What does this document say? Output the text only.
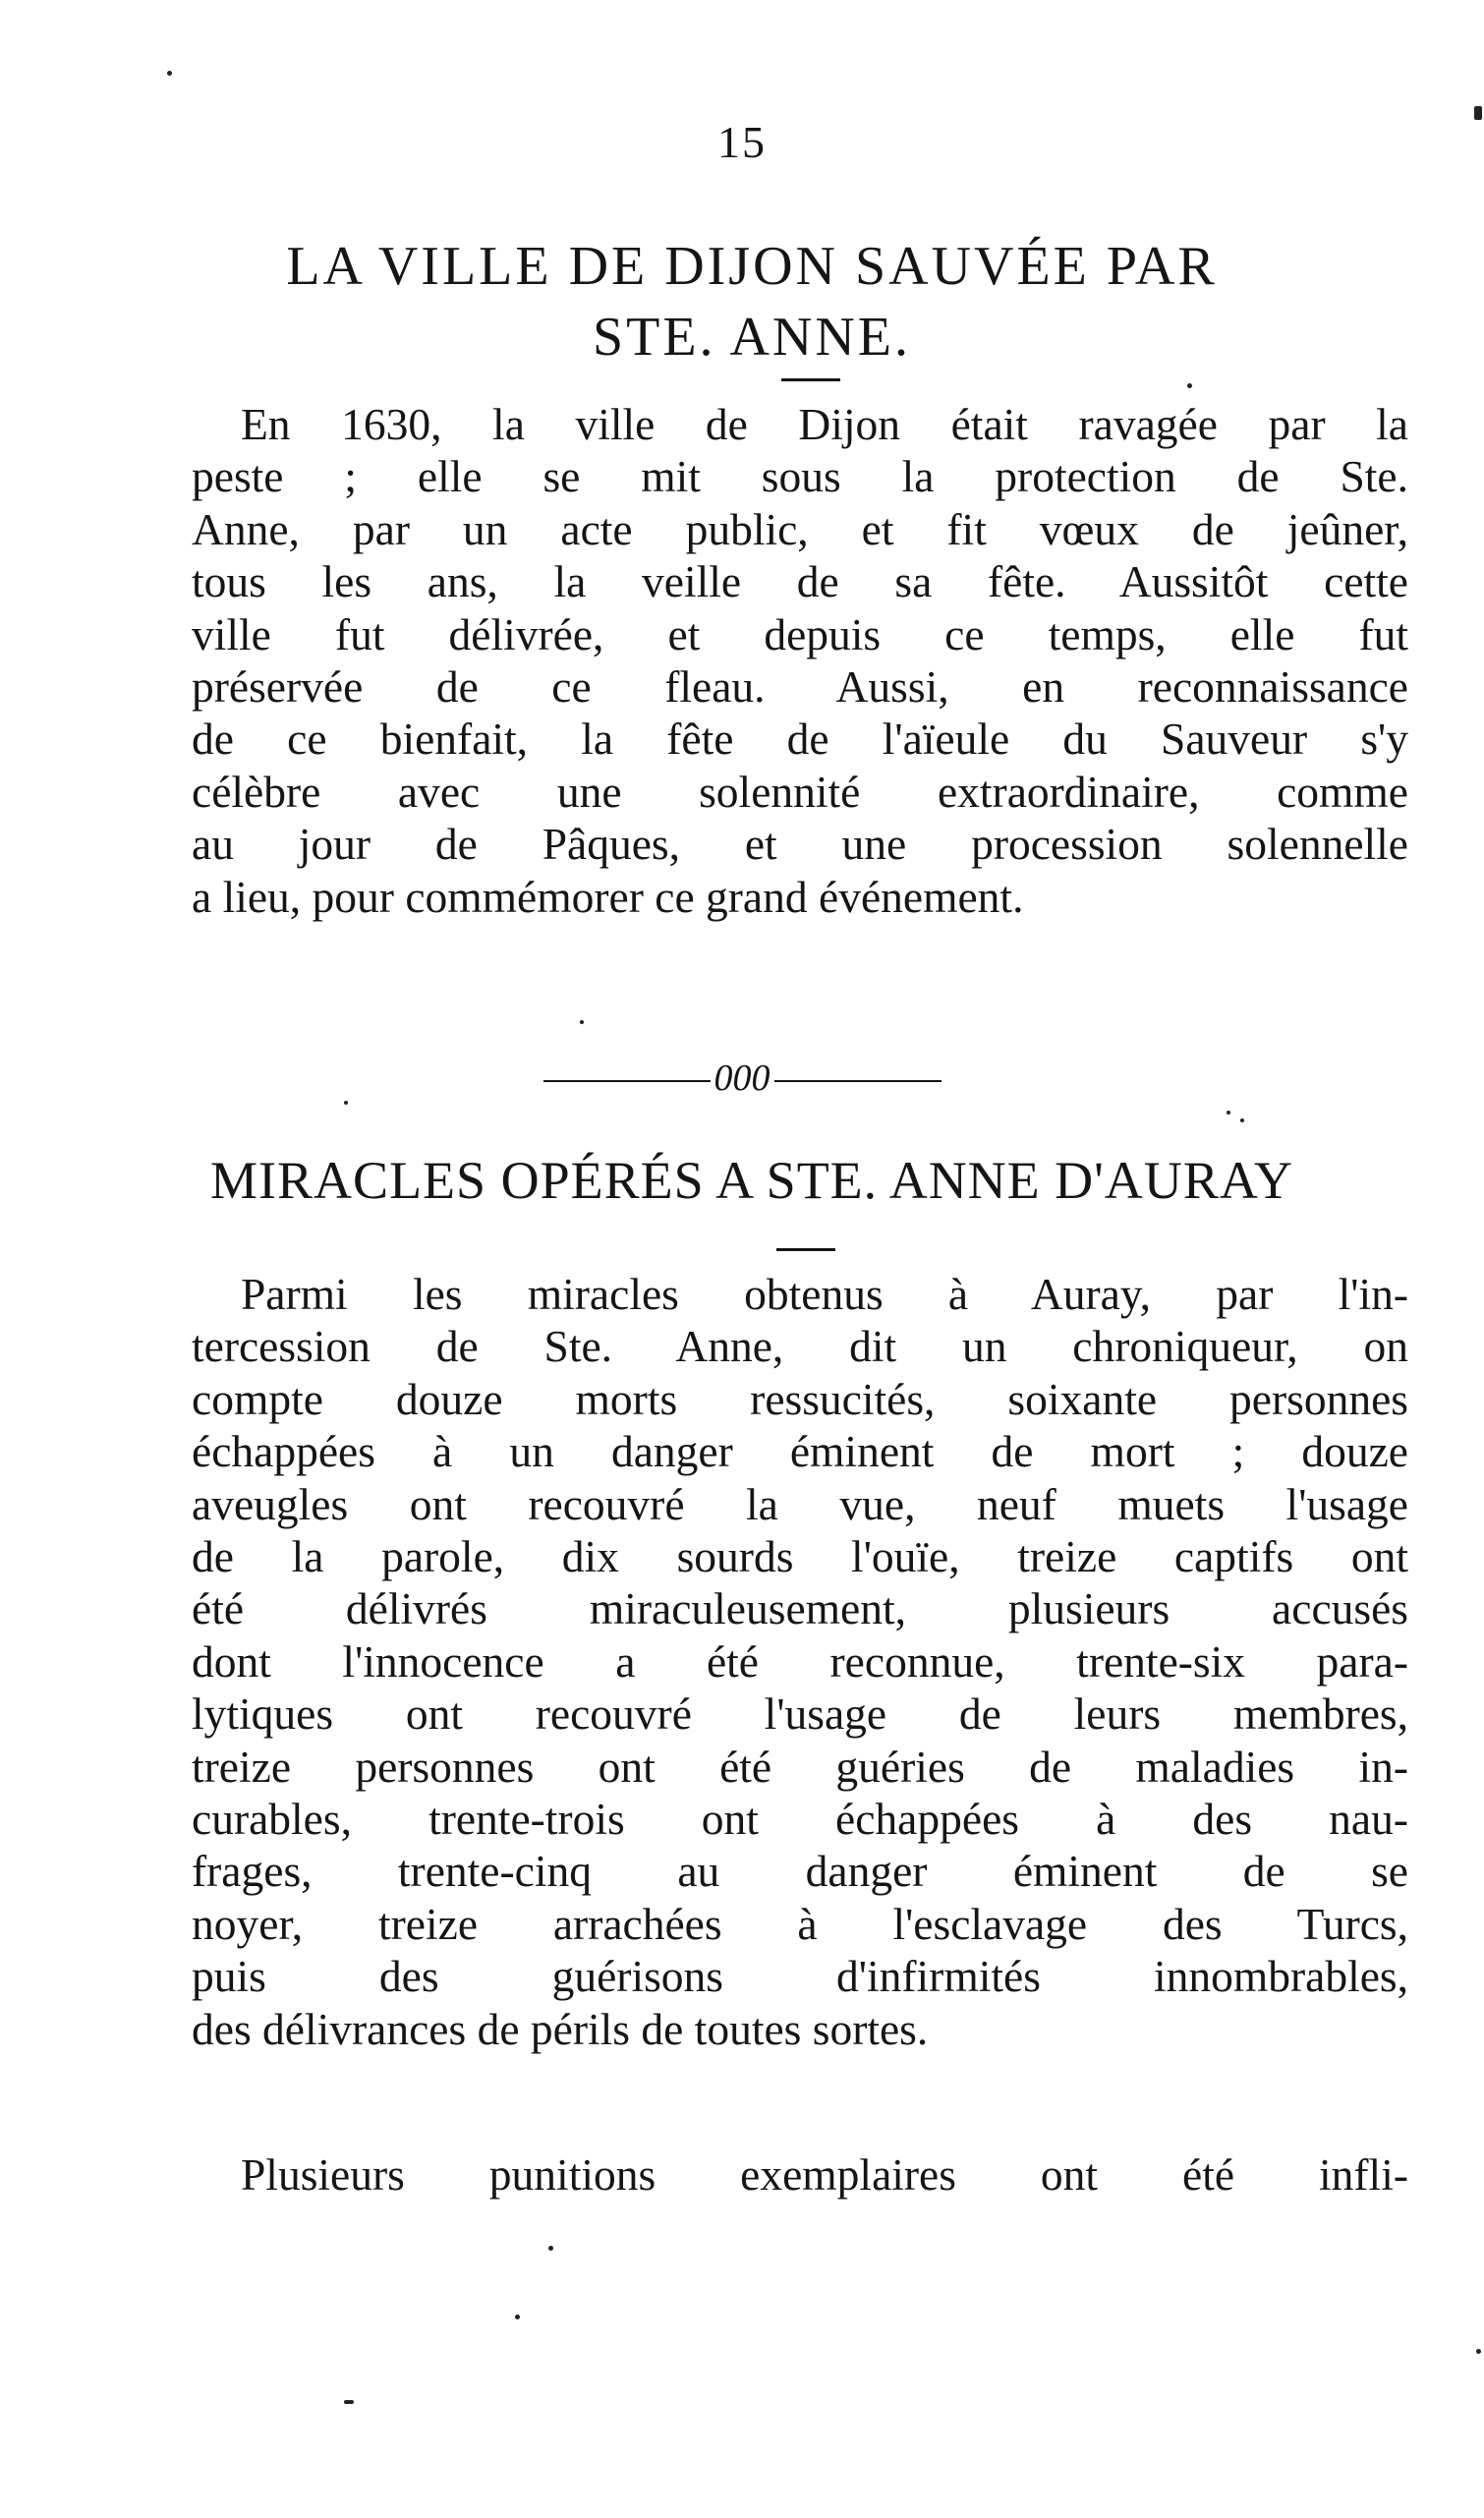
15
LA VILLE DE DIJON SAUVÉE PAR
STE. ANNE.

En 1630, la ville de Dijon était ravagée par la
peste ; elle se mit sous la protection de Ste.
Anne, par un acte public, et fit vœux de jeûner,
tous les ans, la veille de sa fête. Aussitôt cette
ville fut délivrée, et depuis ce temps, elle fut
préservée de ce fleau. Aussi, en reconnaissance
de ce bienfait, la fête de l'aïeule du Sauveur s'y
célèbre avec une solennité extraordinaire, comme
au jour de Pâques, et une procession solennelle
a lieu, pour commémorer ce grand événement.

000
MIRACLES OPÉRÉS A STE. ANNE D'AURAY

Parmi les miracles obtenus à Auray, par l'in-
tercession de Ste. Anne, dit un chroniqueur, on
compte douze morts ressucités, soixante personnes
échappées à un danger éminent de mort ; douze
aveugles ont recouvré la vue, neuf muets l'usage
de la parole, dix sourds l'ouïe, treize captifs ont
été délivrés miraculeusement, plusieurs accusés
dont l'innocence a été reconnue, trente-six para-
lytiques ont recouvré l'usage de leurs membres,
treize personnes ont été guéries de maladies in-
curables, trente-trois ont échappées à des nau-
frages, trente-cinq au danger éminent de se
noyer, treize arrachées à l'esclavage des Turcs,
puis des guérisons d'infirmités innombrables,
des délivrances de périls de toutes sortes.

Plusieurs punitions exemplaires ont été infli-
